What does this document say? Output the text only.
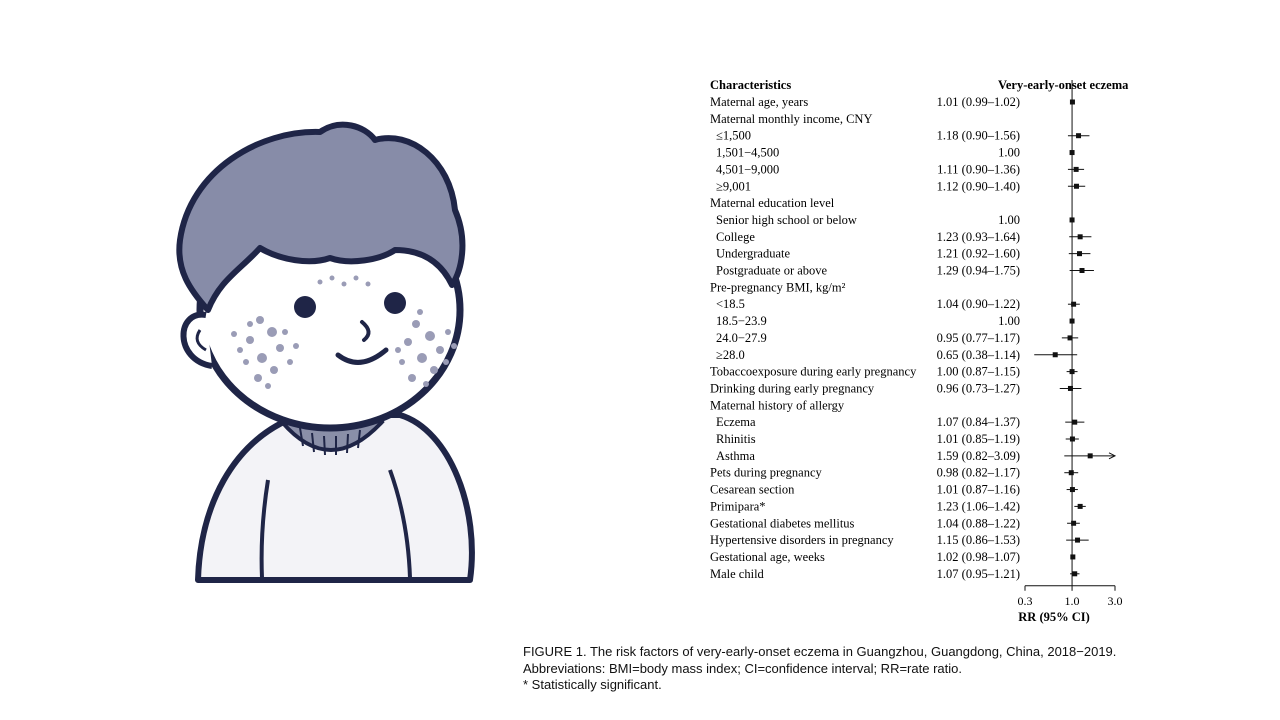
Characteristics	Very-early-onset eczema
Maternal age, years	1.01 (0.99–1.02)
Maternal monthly income, CNY
≤1,500	1.18 (0.90–1.56)
1,501−4,500	1.00
4,501−9,000	1.11 (0.90–1.36)
≥9,001	1.12 (0.90–1.40)
Maternal education level
Senior high school or below	1.00
College	1.23 (0.93–1.64)
Undergraduate	1.21 (0.92–1.60)
Postgraduate or above	1.29 (0.94–1.75)
Pre-pregnancy BMI, kg/m²
<18.5	1.04 (0.90–1.22)
18.5−23.9	1.00
24.0−27.9	0.95 (0.77–1.17)
≥28.0	0.65 (0.38–1.14)
Tobaccoexposure during early pregnancy 1.00 (0.87–1.15)
Drinking during early pregnancy	0.96 (0.73–1.27)
Maternal history of allergy
Eczema	1.07 (0.84–1.37)
Rhinitis	1.01 (0.85–1.19)
Asthma	1.59 (0.82–3.09)
Pets during pregnancy	0.98 (0.82–1.17)
Cesarean section	1.01 (0.87–1.16)
Primipara*	1.23 (1.06–1.42)
Gestational diabetes mellitus	1.04 (0.88–1.22)
Hypertensive disorders in pregnancy	1.15 (0.86–1.53)
Gestational age, weeks	1.02 (0.98–1.07)
Male child	1.07 (0.95–1.21)
0.3	1.0 3.0
RR (95% CI)
FIGURE 1. The risk factors of very-early-onset eczema in Guangzhou, Guangdong, China, 2018−2019.
Abbreviations: BMI=body mass index; CI=confidence interval; RR=rate ratio.
* Statistically significant.
